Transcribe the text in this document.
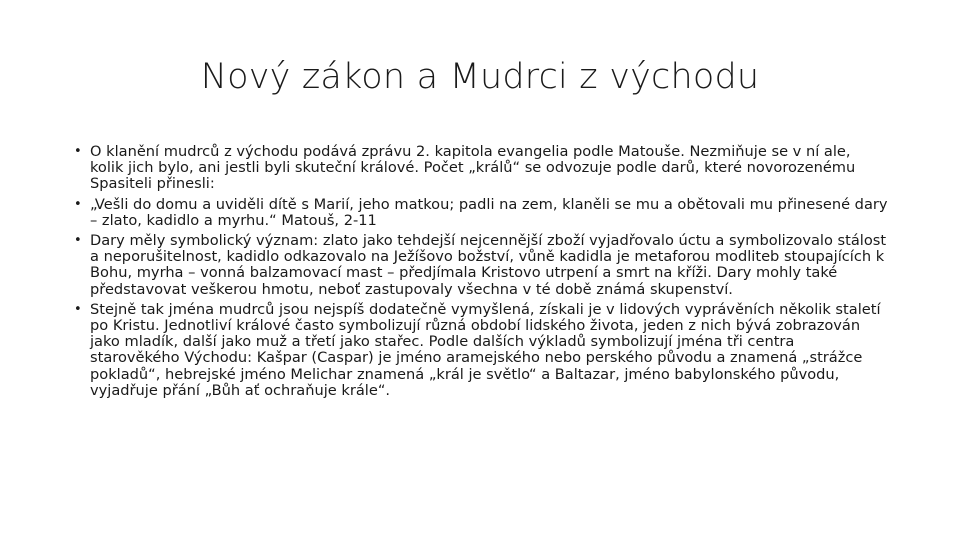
Nový zákon a Mudrci z východu
• O klanění mudrců z východu podává zprávu 2. kapitola evangelia podle Matouše. Nezmiňuje se v ní ale, kolik jich bylo, ani jestli byli skuteční králové. Počet „králů“ se odvozuje podle darů, které novorozenému Spasiteli přinesli:
• „Vešli do domu a uviděli dítě s Marií, jeho matkou; padli na zem, klaněli se mu a obětovali mu přinesené dary – zlato, kadidlo a myrhu.“ Matouš, 2-11
• Dary měly symbolický význam: zlato jako tehdejší nejcennější zboží vyjadřovalo úctu a symbolizovalo stálost a neporušitelnost, kadidlo odkazovalo na Ježíšovo božství, vůně kadidla je metaforou modliteb stoupajících k Bohu, myrha – vonná balzamovací mast – předjímala Kristovo utrpení a smrt na kříži. Dary mohly také představovat veškerou hmotu, neboť zastupovaly všechna v té době známá skupenství.
• Stejně tak jména mudrců jsou nejspíš dodatečně vymyšlená, získali je v lidových vyprávěních několik staletí po Kristu. Jednotliví králové často symbolizují různá období lidského života, jeden z nich bývá zobrazován jako mladík, další jako muž a třetí jako stařec. Podle dalších výkladů symbolizují jména tři centra starověkého Východu: Kašpar (Caspar) je jméno aramejského nebo perského původu a znamená „strážce pokladů“, hebrejské jméno Melichar znamená „král je světlo“ a Baltazar, jméno babylonského původu, vyjadřuje přání „Bůh ať ochraňuje krále“.
